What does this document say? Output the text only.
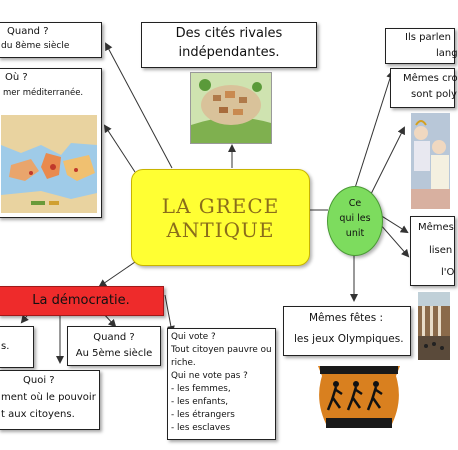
Quand ?
du 8ème siècle
Où ?
mer méditerranée.
Des cités rivales
indépendantes.
LA GRECE
ANTIQUE
Ce
qui les
unit
Ils parlen
lang
Mêmes cro
sont poly
Mêmes
lisen
l'O
Mêmes fêtes :
les jeux Olympiques.
La démocratie.
s.
Quand ?
Au 5ème siècle
Quoi ?
ment où le pouvoir
t aux citoyens.
Qui vote ?
Tout citoyen pauvre ou
riche.
Qui ne vote pas ?
- les femmes,
- les enfants,
- les étrangers
- les esclaves
